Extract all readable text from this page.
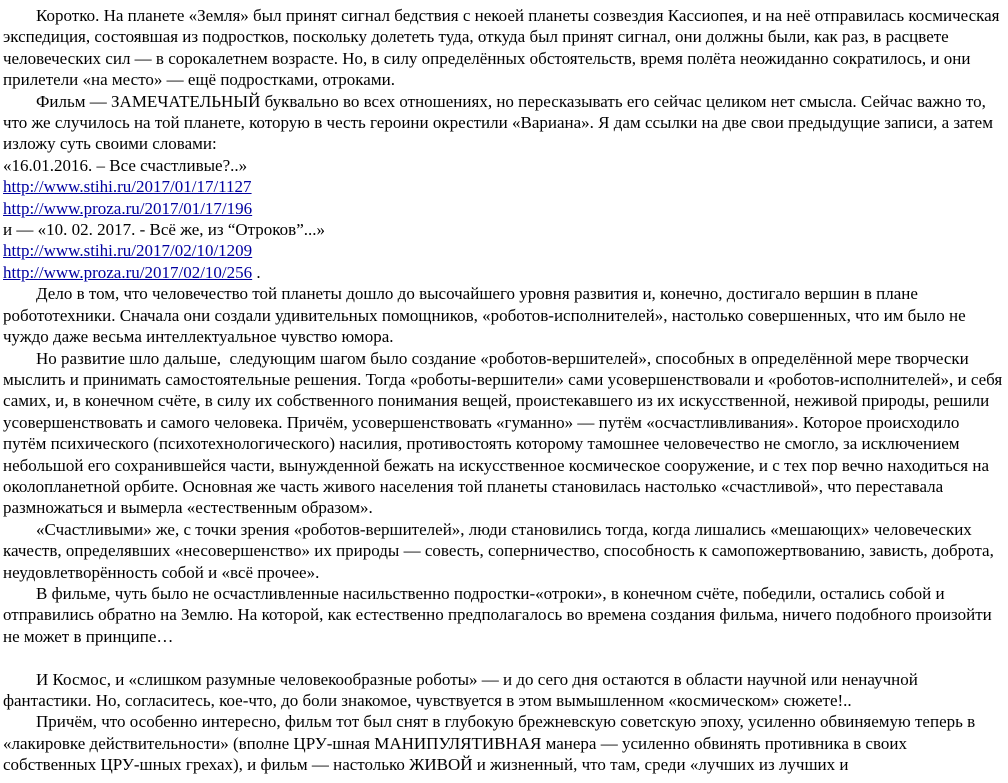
Коротко. На планете «Земля» был принят сигнал бедствия с некоей планеты созвездия Кассиопея, и на неё отправилась космическая экспедиция, состоявшая из подростков, поскольку долететь туда, откуда был принят сигнал, они должны были, как раз, в расцвете человеческих сил — в сорокалетнем возрасте. Но, в силу определённых обстоятельств, время полёта неожиданно сократилось, и они прилетели «на место» — ещё подростками, отроками.

Фильм — ЗАМЕЧАТЕЛЬНЫЙ буквально во всех отношениях, но пересказывать его сейчас целиком нет смысла. Сейчас важно то, что же случилось на той планете, которую в честь героини окрестили «Вариана». Я дам ссылки на две свои предыдущие записи, а затем изложу суть своими словами:

«16.01.2016. – Все счастливые?..»

http://www.stihi.ru/2017/01/17/1127

http://www.proza.ru/2017/01/17/196

и — «10. 02. 2017. - Всё же, из “Отроков”...»

http://www.stihi.ru/2017/02/10/1209

http://www.proza.ru/2017/02/10/256 .

Дело в том, что человечество той планеты дошло до высочайшего уровня развития и, конечно, достигало вершин в плане робототехники. Сначала они создали удивительных помощников, «роботов-исполнителей», настолько совершенных, что им было не чуждо даже весьма интеллектуальное чувство юмора.

Но развитие шло дальше,  следующим шагом было создание «роботов-вершителей», способных в определённой мере творчески мыслить и принимать самостоятельные решения. Тогда «роботы-вершители» сами усовершенствовали и «роботов-исполнителей», и себя самих, и, в конечном счёте, в силу их собственного понимания вещей, проистекавшего из их искусственной, неживой природы, решили усовершенствовать и самого человека. Причём, усовершенствовать «гуманно» — путём «осчастливливания». Которое происходило путём психического (психотехнологического) насилия, противостоять которому тамошнее человечество не смогло, за исключением небольшой его сохранившейся части, вынужденной бежать на искусственное космическое сооружение, и с тех пор вечно находиться на околопланетной орбите. Основная же часть живого населения той планеты становилась настолько «счастливой», что переставала размножаться и вымерла «естественным образом».

«Счастливыми» же, с точки зрения «роботов-вершителей», люди становились тогда, когда лишались «мешающих» человеческих качеств, определявших «несовершенство» их природы — совесть, соперничество, способность к самопожертвованию, зависть, доброта, неудовлетворённость собой и «всё прочее».

В фильме, чуть было не осчастливленные насильственно подростки-«отроки», в конечном счёте, победили, остались собой и отправились обратно на Землю. На которой, как естественно предполагалось во времена создания фильма, ничего подобного произойти не может в принципе…

И Космос, и «слишком разумные человекообразные роботы» — и до сего дня остаются в области научной или ненаучной фантастики. Но, согласитесь, кое-что, до боли знакомое, чувствуется в этом вымышленном «космическом» сюжете!..

Причём, что особенно интересно, фильм тот был снят в глубокую брежневскую советскую эпоху, усиленно обвиняемую теперь в «лакировке действительности» (вполне ЦРУ-шная МАНИПУЛЯТИВНАЯ манера — усиленно обвинять противника в своих собственных ЦРУ-шных грехах), и фильм — настолько ЖИВОЙ и жизненный, что там, среди «лучших из лучших и
